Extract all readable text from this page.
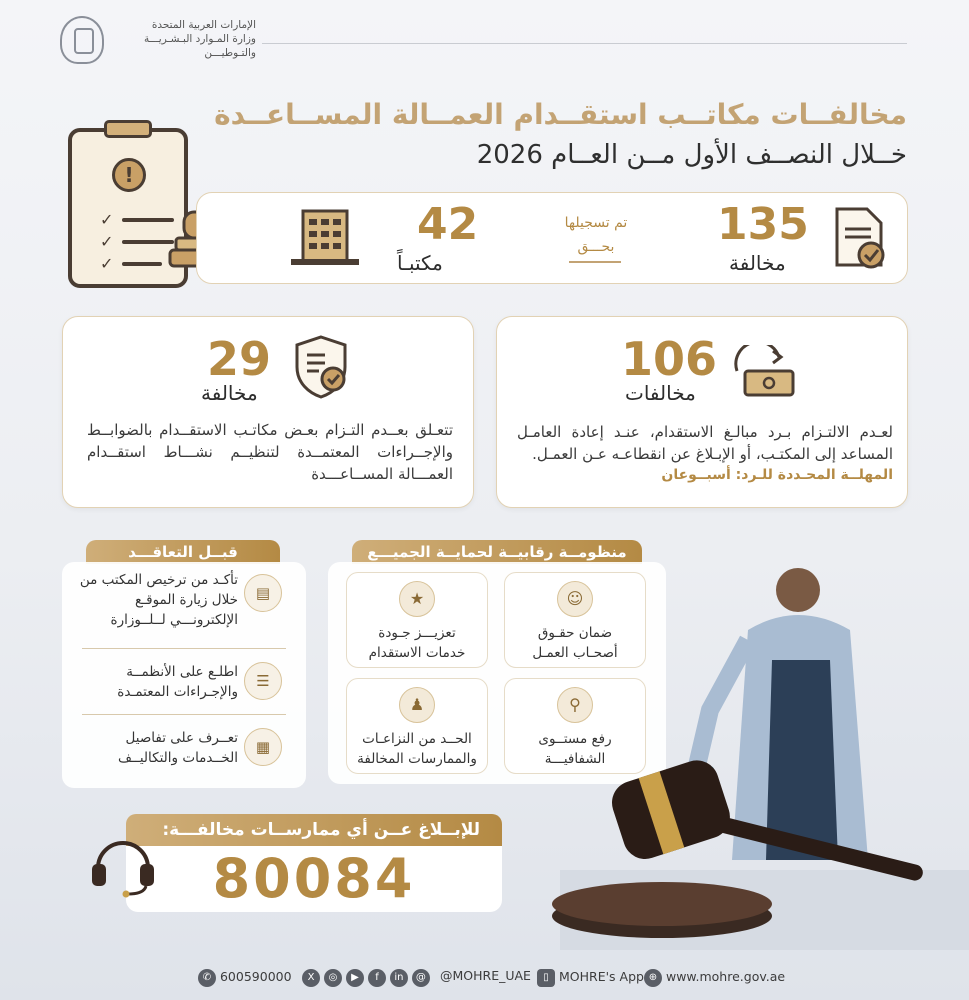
الإمارات العربية المتحدة
وزارة المـوارد البـشـريـــة
والتـوطيـــن
مخالفــات مكاتــب استقــدام العمــالة المســاعــدة
خــلال النصــف الأول مــن العــام 2026
✓
✓
✓
!
135
مخالفة
تم تسجيلها
بحـــق
42
مكتبـاً
106
مخالفات
لعـدم الالتـزام بـرد مبالـغ الاستقدام، عنـد إعادة العامـل المساعد إلى المكتـب، أو الإبـلاغ عن انقطاعـه عـن العمـل.
المهلــة المحـددة للـرد: أسبــوعان
29
مخالفة
تتعـلق بعــدم التـزام بعـض مكاتـب الاستقــدام بالضوابــط والإجــراءات المعتمــدة لتنظيــم نشـــاط استقــدام العمـــالة المســاعـــدة
منظومــة رقابيــة لحمايــة الجميـــع
☺
ضمان حقـوق أصحـاب العمـل
★
تعزيـــز جـودة خدمات الاستقدام
⚲
رفع مستــوى الشفافيـــة
♟
الحــد من النزاعـات والممارسات المخالفة
قبــل التعاقـــد
▤
تأكـد من ترخيص المكتب من خلال زيارة الموقـع الإلكترونـــي لــلــوزارة
☰
اطلـع على الأنظمــة والإجـراءات المعتمـدة
▦
تعــرف على تفاصيل الخــدمات والتكاليــف
للإبــلاغ عــن أي ممارســات مخالفـــة:
80084
✆ 600590000	X ◎ ▶ f in @	@MOHRE_UAE	▯ MOHRE's App ⊕ www.mohre.gov.ae
